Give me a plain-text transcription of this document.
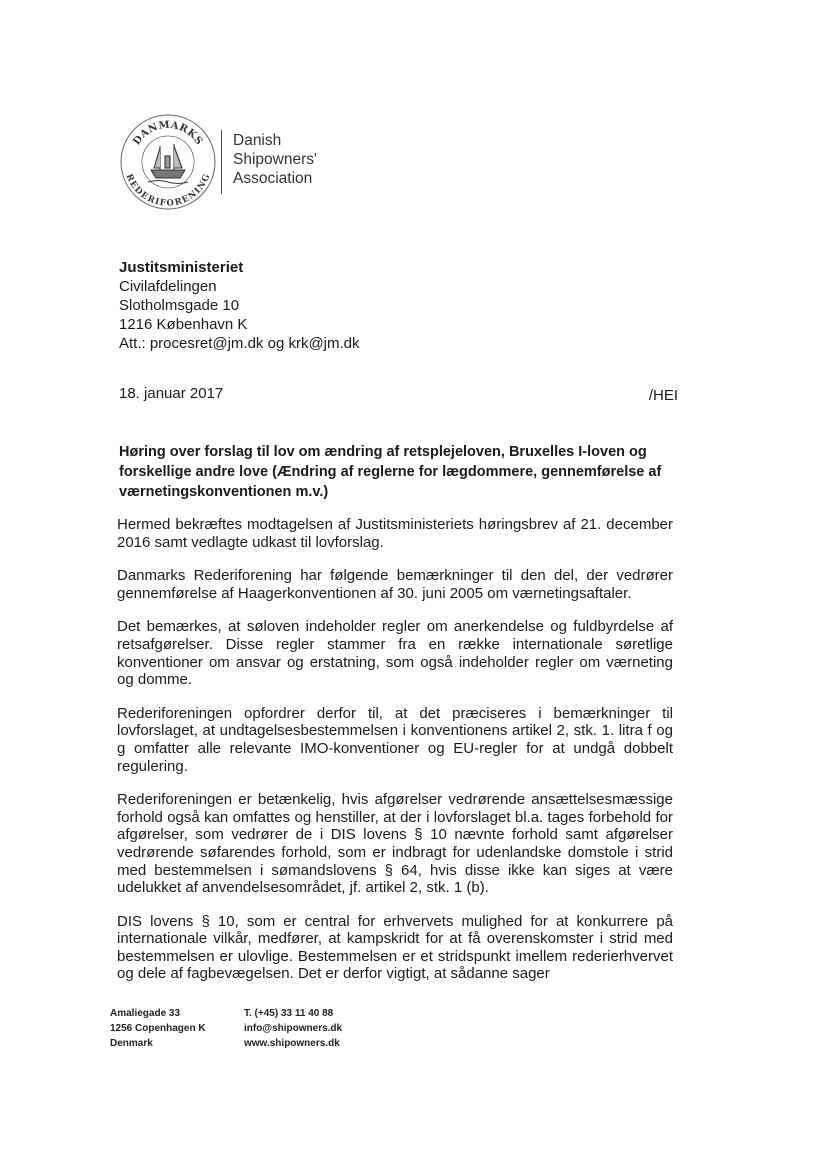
DANMARKS
REDERIFORENING
Danish
Shipowners'
Association
Justitsministeriet
Civilafdelingen
Slotholmsgade 10
1216 København K
Att.: procesret@jm.dk og krk@jm.dk
18. januar 2017	/HEI
Høring over forslag til lov om ændring af retsplejeloven, Bruxelles I-loven og forskellige andre love (Ændring af reglerne for lægdommere, gennemførelse af værnetingskonventionen m.v.)

Hermed bekræftes modtagelsen af Justitsministeriets høringsbrev af 21. december 2016 samt vedlagte udkast til lovforslag.

Danmarks Rederiforening har følgende bemærkninger til den del, der vedrører gennemførelse af Haagerkonventionen af 30. juni 2005 om værnetingsaftaler.

Det bemærkes, at søloven indeholder regler om anerkendelse og fuldbyrdelse af retsafgørelser. Disse regler stammer fra en række internationale søretlige konventioner om ansvar og erstatning, som også indeholder regler om værneting og domme.

Rederiforeningen opfordrer derfor til, at det præciseres i bemærkninger til lovforslaget, at undtagelsesbestemmelsen i konventionens artikel 2, stk. 1. litra f og g omfatter alle relevante IMO-konventioner og EU-regler for at undgå dobbelt regulering.

Rederiforeningen er betænkelig, hvis afgørelser vedrørende ansættelsesmæssige forhold også kan omfattes og henstiller, at der i lovforslaget bl.a. tages forbehold for afgørelser, som vedrører de i DIS lovens § 10 nævnte forhold samt afgørelser vedrørende søfarendes forhold, som er indbragt for udenlandske domstole i strid med bestemmelsen i sømandslovens § 64, hvis disse ikke kan siges at være udelukket af anvendelsesområdet, jf. artikel 2, stk. 1 (b).

DIS lovens § 10, som er central for erhvervets mulighed for at konkurrere på internationale vilkår, medfører, at kampskridt for at få overenskomster i strid med bestemmelsen er ulovlige. Bestemmelsen er et stridspunkt imellem rederierhvervet og dele af fagbevægelsen. Det er derfor vigtigt, at sådanne sager

Amaliegade 33
1256 Copenhagen K
Denmark
T. (+45) 33 11 40 88
info@shipowners.dk
www.shipowners.dk
